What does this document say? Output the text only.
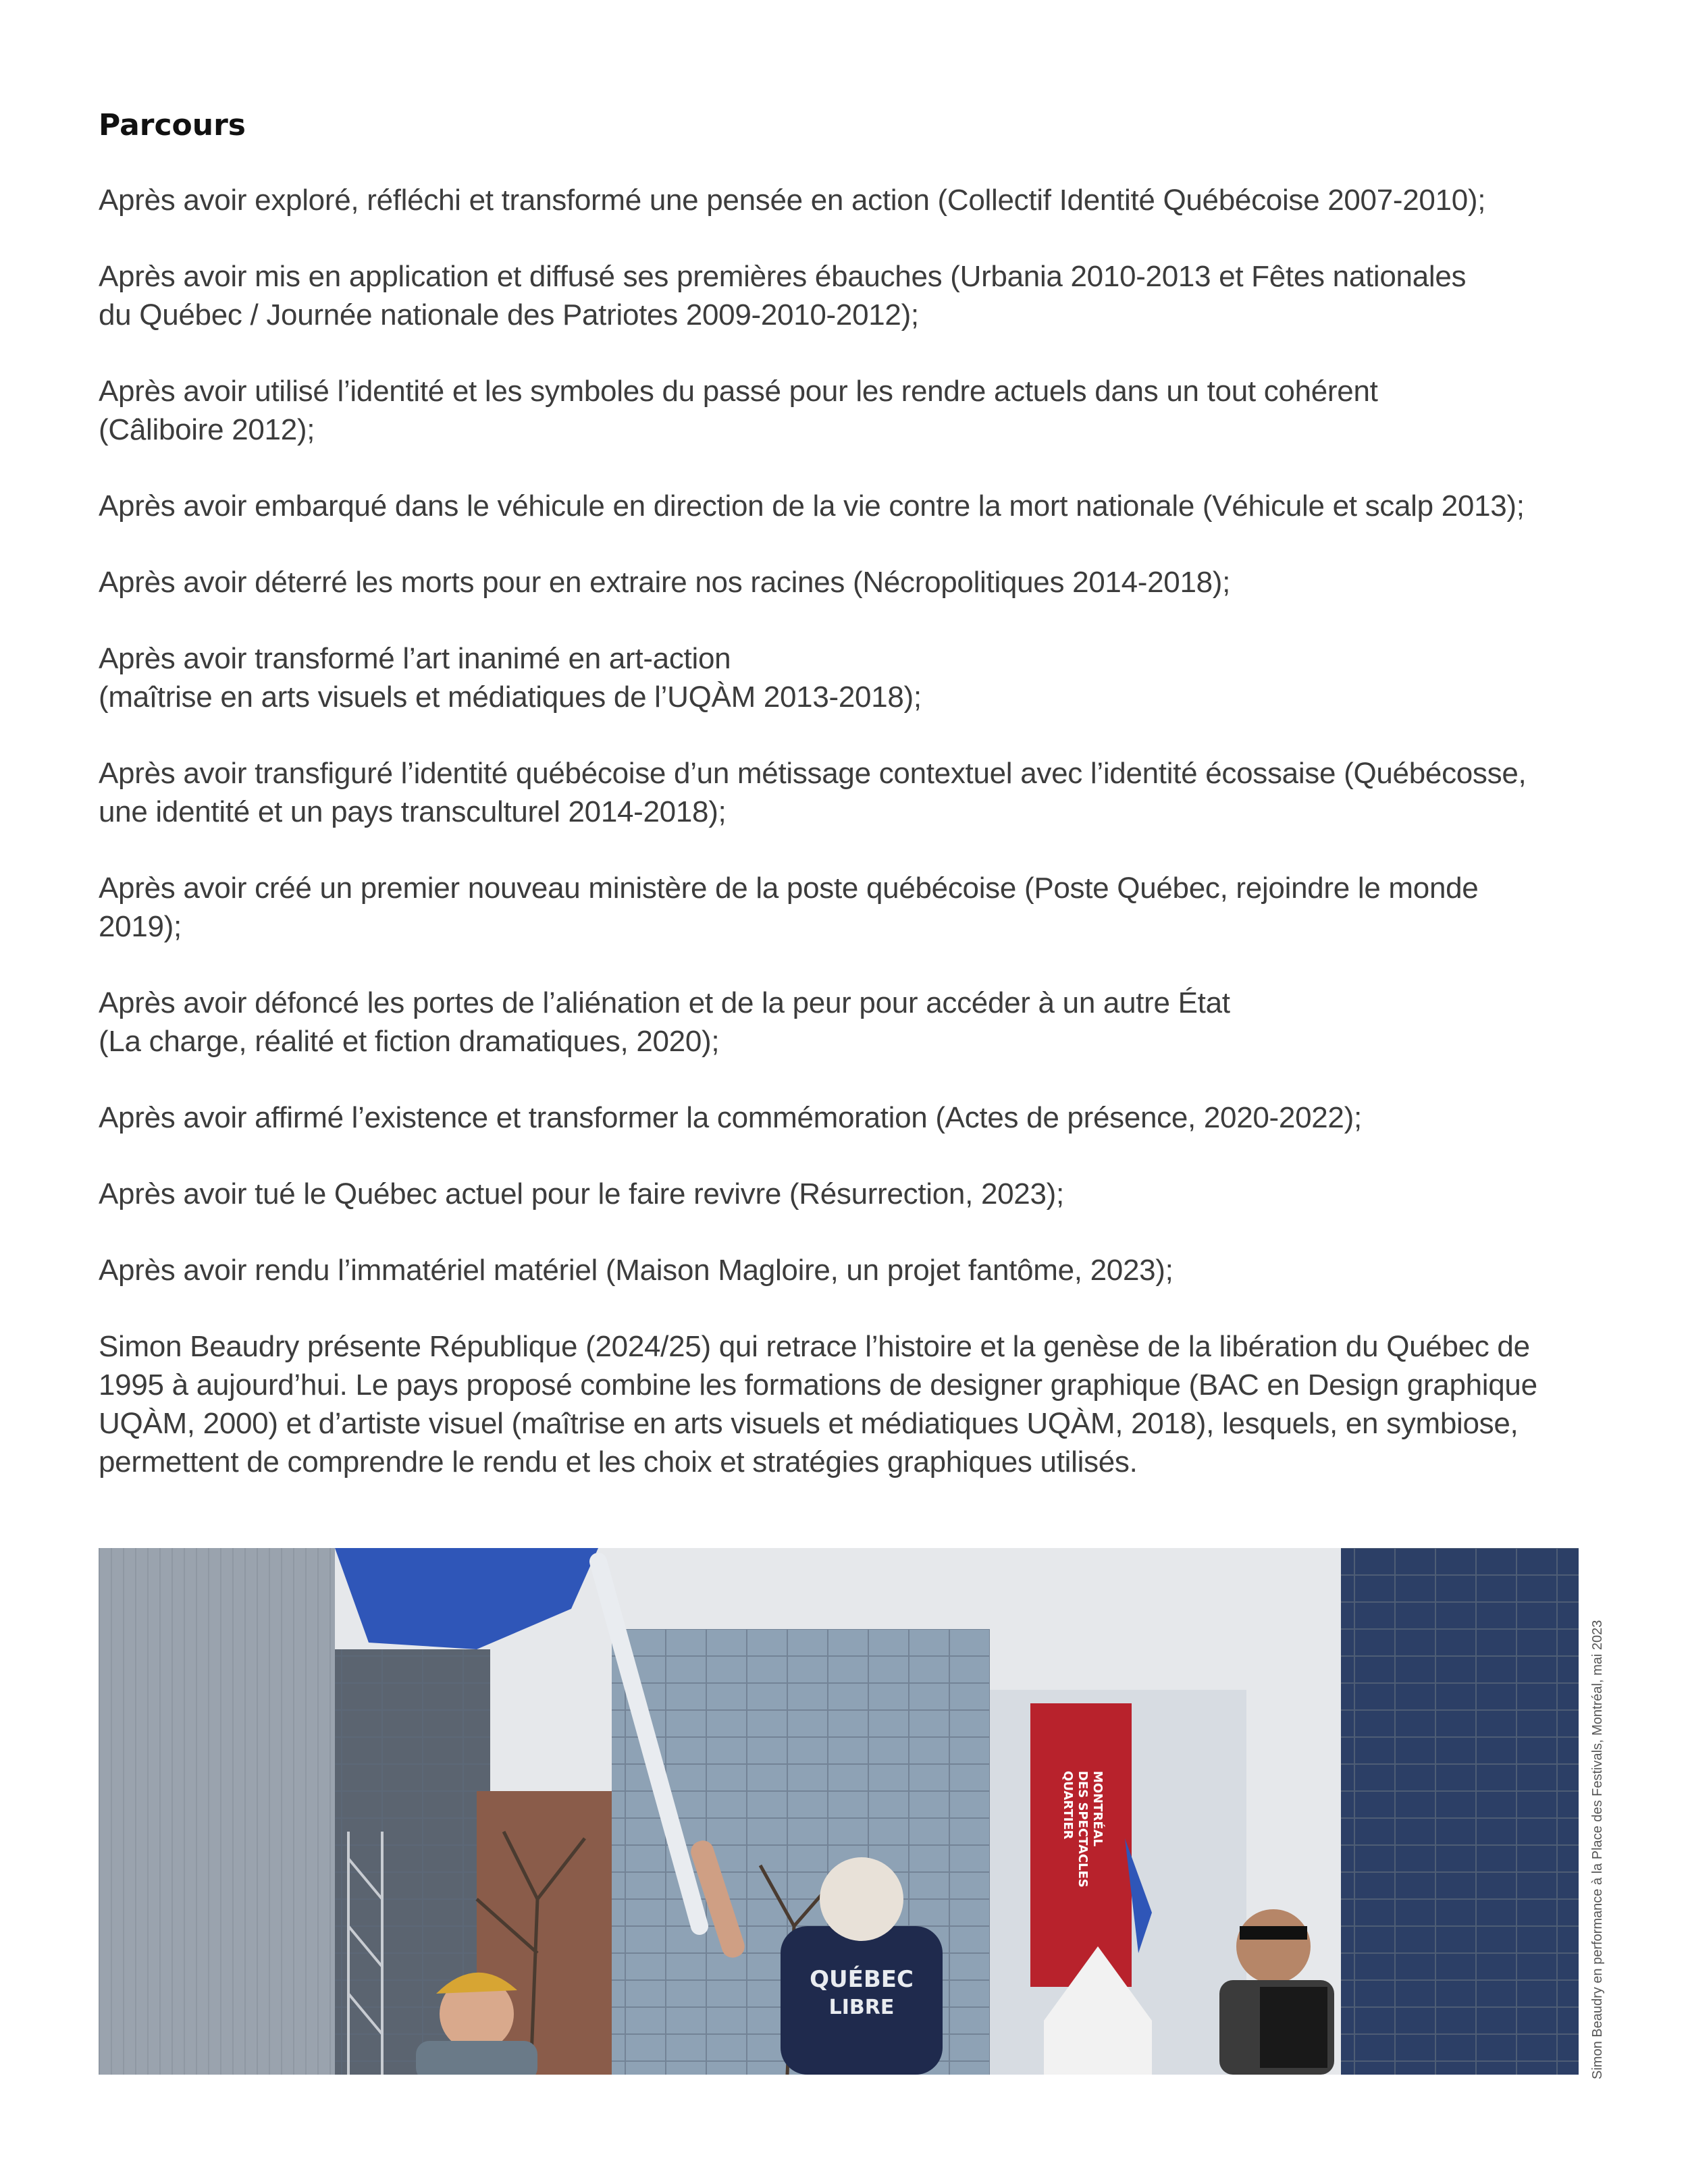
Parcours

Après avoir exploré, réfléchi et transformé une pensée en action (Collectif Identité Québécoise 2007-2010);

Après avoir mis en application et diffusé ses premières ébauches (Urbania 2010-2013 et Fêtes nationales
du Québec / Journée nationale des Patriotes 2009-2010-2012);

Après avoir utilisé l’identité et les symboles du passé pour les rendre actuels dans un tout cohérent
(Câliboire 2012);

Après avoir embarqué dans le véhicule en direction de la vie contre la mort nationale (Véhicule et scalp 2013);

Après avoir déterré les morts pour en extraire nos racines (Nécropolitiques 2014-2018);

Après avoir transformé l’art inanimé en art-action
(maîtrise en arts visuels et médiatiques de l’UQÀM 2013-2018);

Après avoir transfiguré l’identité québécoise d’un métissage contextuel avec l’identité écossaise (Québécosse,
une identité et un pays transculturel 2014-2018);

Après avoir créé un premier nouveau ministère de la poste québécoise (Poste Québec, rejoindre le monde
2019);

Après avoir défoncé les portes de l’aliénation et de la peur pour accéder à un autre État
(La charge, réalité et fiction dramatiques, 2020);

Après avoir affirmé l’existence et transformer la commémoration (Actes de présence, 2020-2022);

Après avoir tué le Québec actuel pour le faire revivre (Résurrection, 2023);

Après avoir rendu l’immatériel matériel (Maison Magloire, un projet fantôme, 2023);

Simon Beaudry présente République (2024/25) qui retrace l’histoire et la genèse de la libération du Québec de
1995 à aujourd’hui. Le pays proposé combine les formations de designer graphique (BAC en Design graphique
UQÀM, 2000) et d’artiste visuel (maîtrise en arts visuels et médiatiques UQÀM, 2018), lesquels, en symbiose,
permettent de comprendre le rendu et les choix et stratégies graphiques utilisés.

QUARTIER DES SPECTACLES MONTRÉAL
QUÉBEC
LIBRE	Simon Beaudry en performance à la Place des Festivals, Montréal, mai 2023
